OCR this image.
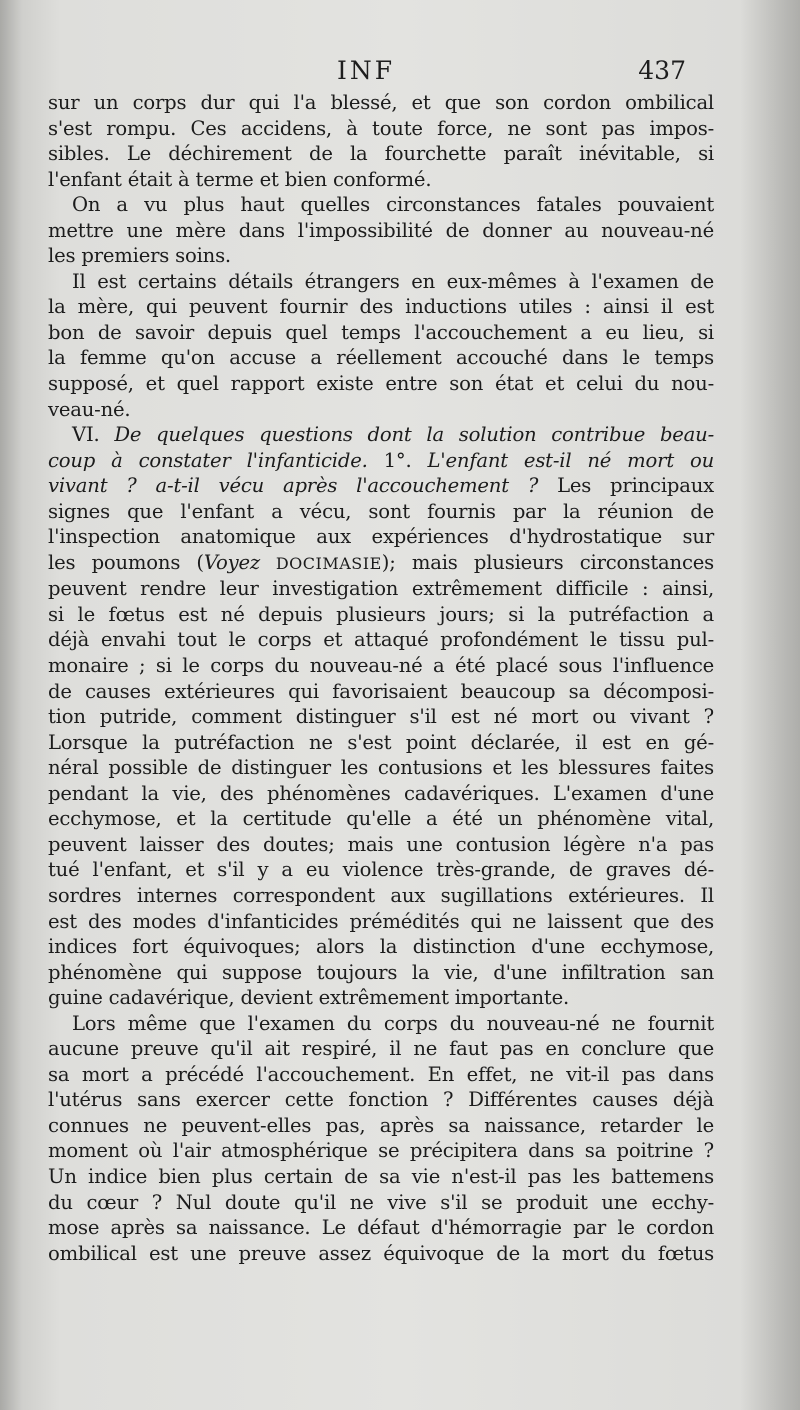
INF	437
sur un corps dur qui l'a blessé, et que son cordon ombilical
s'est rompu. Ces accidens, à toute force, ne sont pas impos-
sibles. Le déchirement de la fourchette paraît inévitable, si
l'enfant était à terme et bien conformé.
On a vu plus haut quelles circonstances fatales pouvaient
mettre une mère dans l'impossibilité de donner au nouveau-né
les premiers soins.
Il est certains détails étrangers en eux-mêmes à l'examen de
la mère, qui peuvent fournir des inductions utiles : ainsi il est
bon de savoir depuis quel temps l'accouchement a eu lieu, si
la femme qu'on accuse a réellement accouché dans le temps
supposé, et quel rapport existe entre son état et celui du nou-
veau-né.
VI. De quelques questions dont la solution contribue beau-
coup à constater l'infanticide. 1°. L'enfant est-il né mort ou
vivant ? a-t-il vécu après l'accouchement ? Les principaux
signes que l'enfant a vécu, sont fournis par la réunion de
l'inspection anatomique aux expériences d'hydrostatique sur
les poumons (Voyez DOCIMASIE); mais plusieurs circonstances
peuvent rendre leur investigation extrêmement difficile : ainsi,
si le fœtus est né depuis plusieurs jours; si la putréfaction a
déjà envahi tout le corps et attaqué profondément le tissu pul-
monaire ; si le corps du nouveau-né a été placé sous l'influence
de causes extérieures qui favorisaient beaucoup sa décomposi-
tion putride, comment distinguer s'il est né mort ou vivant ?
Lorsque la putréfaction ne s'est point déclarée, il est en gé-
néral possible de distinguer les contusions et les blessures faites
pendant la vie, des phénomènes cadavériques. L'examen d'une
ecchymose, et la certitude qu'elle a été un phénomène vital,
peuvent laisser des doutes; mais une contusion légère n'a pas
tué l'enfant, et s'il y a eu violence très-grande, de graves dé-
sordres internes correspondent aux sugillations extérieures. Il
est des modes d'infanticides prémédités qui ne laissent que des
indices fort équivoques; alors la distinction d'une ecchymose,
phénomène qui suppose toujours la vie, d'une infiltration san
guine cadavérique, devient extrêmement importante.
Lors même que l'examen du corps du nouveau-né ne fournit
aucune preuve qu'il ait respiré, il ne faut pas en conclure que
sa mort a précédé l'accouchement. En effet, ne vit-il pas dans
l'utérus sans exercer cette fonction ? Différentes causes déjà
connues ne peuvent-elles pas, après sa naissance, retarder le
moment où l'air atmosphérique se précipitera dans sa poitrine ?
Un indice bien plus certain de sa vie n'est-il pas les battemens
du cœur ? Nul doute qu'il ne vive s'il se produit une ecchy-
mose après sa naissance. Le défaut d'hémorragie par le cordon
ombilical est une preuve assez équivoque de la mort du fœtus
